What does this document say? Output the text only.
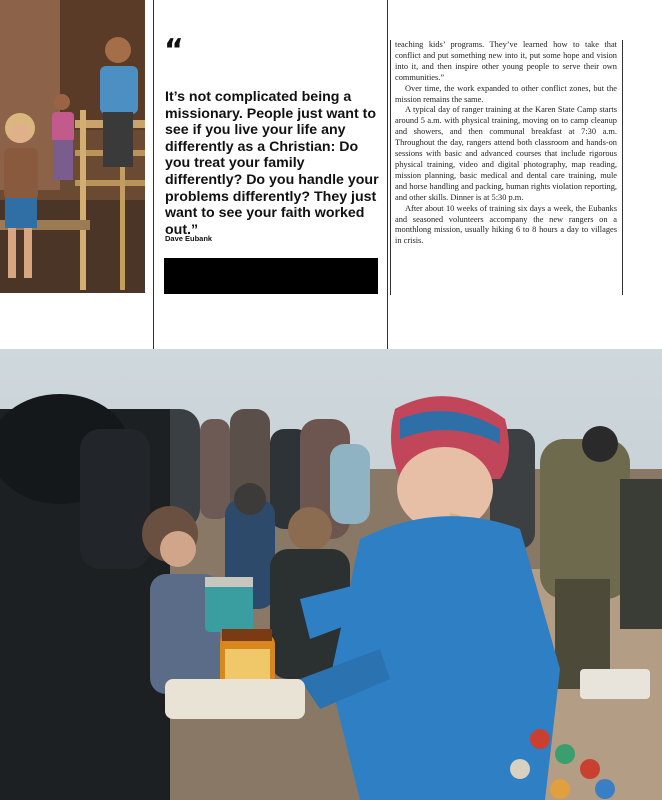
“
It’s not complicated being a missionary. People just want to see if you live your life any differently as a Christian: Do you treat your family differently? Do you handle your problems differently? They just want to see your faith worked out.”
Dave Eubank

teaching kids’ programs. They’ve learned how to take that conflict and put something new into it, put some hope and vision into it, and then inspire other young people to serve their own communities.”

Over time, the work expanded to other conflict zones, but the mission remains the same.

A typical day of ranger training at the Karen State Camp starts around 5 a.m. with physical training, moving on to camp cleanup and showers, and then communal breakfast at 7:30 a.m. Throughout the day, rangers attend both classroom and hands-on sessions with basic and advanced courses that include rigorous physical training, video and digital photography, map reading, mission planning, basic medical and dental care training, mule and horse handling and packing, human rights violation reporting, and other skills. Dinner is at 5:30 p.m.

After about 10 weeks of training six days a week, the Eubanks and seasoned volunteers accompany the new rangers on a monthlong mission, usually hiking 6 to 8 hours a day to villages in crisis.
